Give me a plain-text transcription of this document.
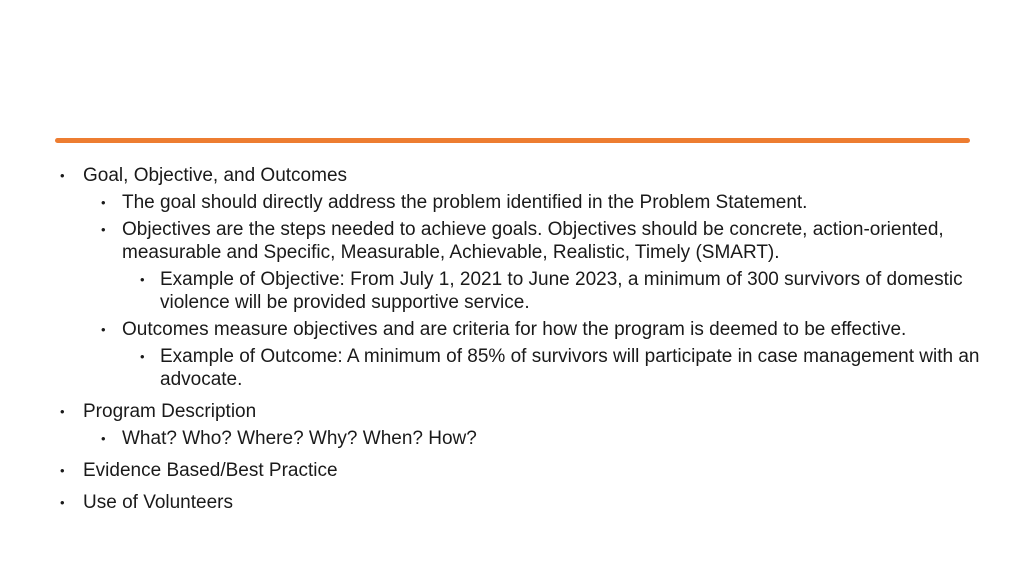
• Goal, Objective, and Outcomes
• The goal should directly address the problem identified in the Problem Statement.
• Objectives are the steps needed to achieve goals. Objectives should be concrete, action-oriented, measurable and Specific, Measurable, Achievable, Realistic, Timely (SMART).
• Example of Objective: From July 1, 2021 to June 2023, a minimum of 300 survivors of domestic violence will be provided supportive service.
• Outcomes measure objectives and are criteria for how the program is deemed to be effective.
• Example of Outcome: A minimum of 85% of survivors will participate in case management with an advocate.
• Program Description
• What? Who? Where? Why? When? How?
• Evidence Based/Best Practice
• Use of Volunteers
